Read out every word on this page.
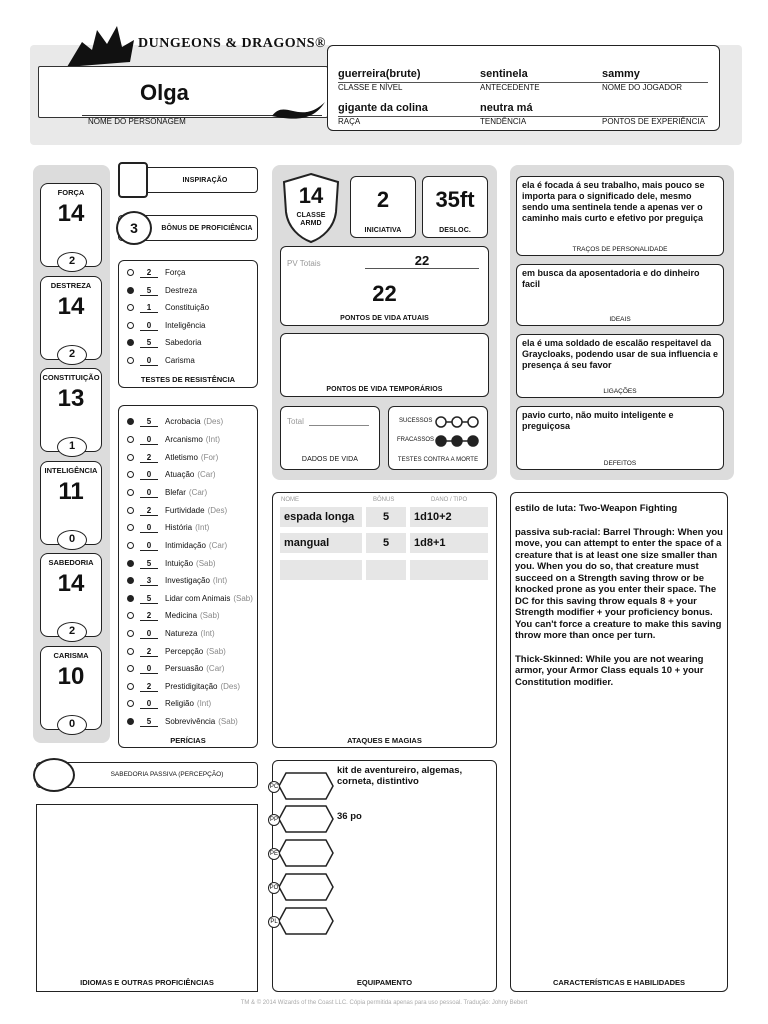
DUNGEONS & DRAGONS®
Olga
NOME DO PERSONAGEM
guerreira(brute)
CLASSE E NÍVEL
sentinela
ANTECEDENTE
sammy
NOME DO JOGADOR
gigante da colina
RAÇA
neutra má
TENDÊNCIA	PONTOS DE EXPERIÊNCIA
FORÇA
14
2
DESTREZA
14
2
CONSTITUIÇÃO
13
1
INTELIGÊNCIA
11
0
SABEDORIA
14
2
CARISMA
10
0
INSPIRAÇÃO
BÔNUS DE PROFICIÊNCIA
3
2	Força
5	Destreza
1	Constituição
0	Inteligência
5	Sabedoria
0	Carisma
TESTES DE RESISTÊNCIA
5	Acrobacia (Des)
0	Arcanismo (Int)
2	Atletismo (For)
0	Atuação (Car)
0	Blefar (Car)
2	Furtividade (Des)
0	História (Int)
0	Intimidação (Car)
5	Intuição (Sab)
3	Investigação (Int)
5	Lidar com Animais (Sab)
2	Medicina (Sab)
0	Natureza (Int)
2	Percepção (Sab)
0	Persuasão (Car)
2	Prestidigitação (Des)
0	Religião (Int)
5	Sobrevivência (Sab)
PERÍCIAS
14
CLASSE
ARMD
2
INICIATIVA
35ft
DESLOC.
PV Totais	22
22
PONTOS DE VIDA ATUAIS
PONTOS DE VIDA TEMPORÁRIOS
Total
DADOS DE VIDA
SUCESSOS
FRACASSOS
TESTES CONTRA A MORTE
ela é focada á seu trabalho, mais pouco se importa para o significado dele, mesmo sendo uma sentinela tende a apenas ver o caminho mais curto e efetivo por preguiça
TRAÇOS DE PERSONALIDADE
em busca da aposentadoria e do dinheiro facil
IDEAIS
ela é uma soldado de escalão respeitavel da Graycloaks, podendo usar de sua influencia e presença á seu favor
LIGAÇÕES
pavio curto, não muito inteligente e preguiçosa
DEFEITOS
NOME	BÔNUS	DANO / TIPO
espada longa	5	1d10+2
mangual	5	1d8+1
ATAQUES E MAGIAS

estilo de luta: Two-Weapon Fighting

passiva sub-racial: Barrel Through: When you move, you can attempt to enter the space of a creature that is at least one size smaller than you. When you do so, that creature must succeed on a Strength saving throw or be knocked prone as you enter their space. The DC for this saving throw equals 8 + your Strength modifier + your proficiency bonus. You can't force a creature to make this saving throw more than once per turn.

Thick-Skinned: While you are not wearing armor, your Armor Class equals 10 + your Constitution modifier.

CARACTERÍSTICAS E HABILIDADES
SABEDORIA PASSIVA (PERCEPÇÃO)
IDIOMAS E OUTRAS PROFICIÊNCIAS
kit de aventureiro, algemas, corneta, distintivo
36 po
EQUIPAMENTO
PC
PP
PE
PO
PL
TM & © 2014 Wizards of the Coast LLC. Cópia permitida apenas para uso pessoal. Tradução: Johny Bebert
